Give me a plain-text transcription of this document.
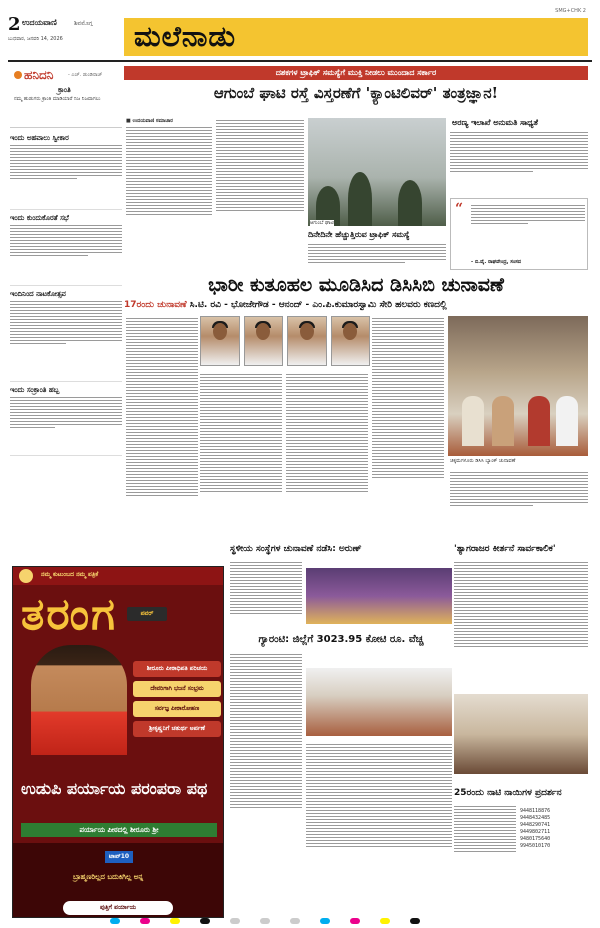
2 ಉದಯವಾಣಿ	ಶಿವಮೊಗ್ಗ
ಬುಧವಾರ, ಜನವರಿ 14, 2026	ಮಲೆನಾಡು
SMG+CHK 2
ಹನಿದನಿ	- ಎಚ್. ಡುಂಡಿರಾಜ್
ಕ್ರಾಂತಿ
ನಮ್ಮ ಹುಡುಗರು ಕ್ರಾಂತಿ ಮಾಡಿಯಾರೆ ನಿಜ ನಿಜವಾಗಲು
ಇಂದು ಅಹವಾಲು ಸ್ವೀಕಾರ
ಇಂದು ಕುಂದುಕೊರತೆ ಸಭೆ
ಇಂದಿನಿಂದ ನಾಟಕೋತ್ಸವ
ಇಂದು ಸಂಕ್ರಾಂತಿ ಹಬ್ಬ
ದಶಕಗಳ ಟ್ರಾಫಿಕ್ ಸಮಸ್ಯೆಗೆ ಮುಕ್ತಿ ನೀಡಲು ಮುಂದಾದ ಸರ್ಕಾರ
ಆಗುಂಬೆ ಘಾಟಿ ರಸ್ತೆ ವಿಸ್ತರಣೆಗೆ 'ಕ್ಯಾಂಟಿಲಿವರ್' ತಂತ್ರಜ್ಞಾನ!
■ ಉದಯವಾಣಿ ಸಮಾಚಾರ
ಆಗುಂಬೆ ಘಾಟಿ
ದಿನೇದಿನೇ ಹೆಚ್ಚುತ್ತಿರುವ ಟ್ರಾಫಿಕ್ ಸಮಸ್ಯೆ
ಅರಣ್ಯ ಇಲಾಖೆ ಅನುಮತಿ ಸಾಧ್ಯತೆ
“
- ಬಿ.ವೈ. ರಾಘವೇಂದ್ರ, ಸಂಸದ
ಭಾರೀ ಕುತೂಹಲ ಮೂಡಿಸಿದ ಡಿಸಿಸಿಬಿ ಚುನಾವಣೆ
17ರಂದು ಚುನಾವಣೆ ಸಿ.ಟಿ. ರವಿ - ಭೋಜೇಗೌಡ - ಆನಂದ್ - ಎಂ.ಪಿ.ಕುಮಾರಸ್ವಾಮಿ ಸೇರಿ ಹಲವರು ಕಣದಲ್ಲಿ
ಚಿಕ್ಕಮಗಳೂರು ಡಿಸಿಸಿ ಬ್ಯಾಂಕ್ ಚುನಾವಣೆ
ನಮ್ಮ ಕುಟುಂಬದ ನಮ್ಮ ಪತ್ರಿಕೆ
ತರಂಗ	ಪವರ್
ಶೀರೂರು ಪೀಠಾಧಿಪತಿ ಪರಿಚಯ
ದೇವರಿಗಾಗಿ ಭಜನೆ ಸಂಭ್ರಮ
ಸರ್ವಜ್ಞ ಪೀಠಾರೋಹಣ
ಶ್ರೀಕೃಷ್ಣನಿಗೆ ಚತುರ್ಥ ಅರ್ಪಣೆ
ಉಡುಪಿ ಪರ್ಯಾಯ ಪರಂಪರಾ ಪಥ
ಪರ್ಯಾಯ ಪೀಠದಲ್ಲಿ ಶೀರೂರು ಶ್ರೀ
ಟಾಪ್10
ಬ್ರಾಹ್ಮಣರಿಲ್ಲದ ಬದುಕಿಗಿಲ್ಲ ಅನ್ನ
ಪುತ್ತಿಗೆ ಪರ್ಯಾಯ
ಸ್ಥಳೀಯ ಸಂಸ್ಥೆಗಳ ಚುನಾವಣೆ ನಡೆಸಿ: ಅರುಣ್	'ತ್ಯಾಗರಾಜರ ಕೀರ್ತನೆ ಸಾರ್ವಕಾಲಿಕ'
ಗ್ಯಾರಂಟಿ: ಜಿಲ್ಲೆಗೆ 3023.95 ಕೋಟಿ ರೂ. ವೆಚ್ಚ
25ರಂದು ನಾಟಿ ನಾಯಿಗಳ ಪ್ರದರ್ಶನ
9448118876
9448432485
9448290741
9449802711
9480175640
9945010170
